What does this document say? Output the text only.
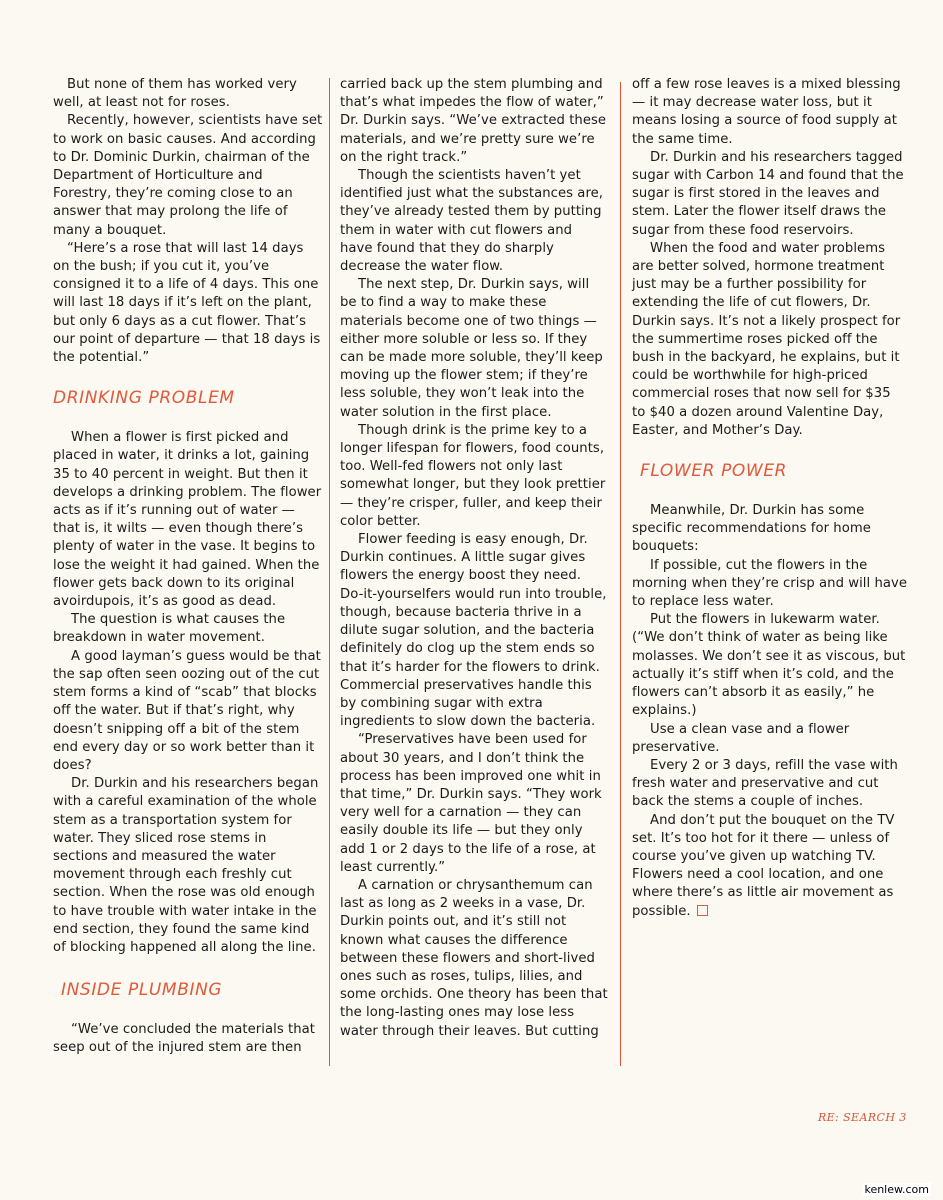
But none of them has worked very well, at least not for roses.

Recently, however, scientists have set to work on basic causes. And according to Dr. Dominic Durkin, chairman of the Department of Horticulture and Forestry, they’re coming close to an answer that may prolong the life of many a bouquet.

“Here’s a rose that will last 14 days on the bush; if you cut it, you’ve consigned it to a life of 4 days. This one will last 18 days if it’s left on the plant, but only 6 days as a cut flower. That’s our point of departure — that 18 days is the potential.”

DRINKING PROBLEM

When a flower is first picked and placed in water, it drinks a lot, gaining 35 to 40 percent in weight. But then it develops a drinking problem. The flower acts as if it’s running out of water — that is, it wilts — even though there’s plenty of water in the vase. It begins to lose the weight it had gained. When the flower gets back down to its original avoirdupois, it’s as good as dead.

The question is what causes the breakdown in water movement.

A good layman’s guess would be that the sap often seen oozing out of the cut stem forms a kind of “scab” that blocks off the water. But if that’s right, why doesn’t snipping off a bit of the stem end every day or so work better than it does?

Dr. Durkin and his researchers began with a careful examination of the whole stem as a transportation system for water. They sliced rose stems in sections and measured the water movement through each freshly cut section. When the rose was old enough to have trouble with water intake in the end section, they found the same kind of blocking happened all along the line.

INSIDE PLUMBING

“We’ve concluded the materials that seep out of the injured stem are then

carried back up the stem plumbing and that’s what impedes the flow of water,” Dr. Durkin says. “We’ve extracted these materials, and we’re pretty sure we’re on the right track.”

Though the scientists haven’t yet identified just what the substances are, they’ve already tested them by putting them in water with cut flowers and have found that they do sharply decrease the water flow.

The next step, Dr. Durkin says, will be to find a way to make these materials become one of two things — either more soluble or less so. If they can be made more soluble, they’ll keep moving up the flower stem; if they’re less soluble, they won’t leak into the water solution in the first place.

Though drink is the prime key to a longer lifespan for flowers, food counts, too. Well-fed flowers not only last somewhat longer, but they look prettier — they’re crisper, fuller, and keep their color better.

Flower feeding is easy enough, Dr. Durkin continues. A little sugar gives flowers the energy boost they need. Do-it-yourselfers would run into trouble, though, because bacteria thrive in a dilute sugar solution, and the bacteria definitely do clog up the stem ends so that it’s harder for the flowers to drink. Commercial preservatives handle this by combining sugar with extra ingredients to slow down the bacteria.

“Preservatives have been used for about 30 years, and I don’t think the process has been improved one whit in that time,” Dr. Durkin says. “They work very well for a carnation — they can easily double its life — but they only add 1 or 2 days to the life of a rose, at least currently.”

A carnation or chrysanthemum can last as long as 2 weeks in a vase, Dr. Durkin points out, and it’s still not known what causes the difference between these flowers and short-lived ones such as roses, tulips, lilies, and some orchids. One theory has been that the long-lasting ones may lose less water through their leaves. But cutting

off a few rose leaves is a mixed blessing — it may decrease water loss, but it means losing a source of food supply at the same time.

Dr. Durkin and his researchers tagged sugar with Carbon 14 and found that the sugar is first stored in the leaves and stem. Later the flower itself draws the sugar from these food reservoirs.

When the food and water problems are better solved, hormone treatment just may be a further possibility for extending the life of cut flowers, Dr. Durkin says. It’s not a likely prospect for the summertime roses picked off the bush in the backyard, he explains, but it could be worthwhile for high-priced commercial roses that now sell for $35 to $40 a dozen around Valentine Day, Easter, and Mother’s Day.

FLOWER POWER

Meanwhile, Dr. Durkin has some specific recommendations for home bouquets:

If possible, cut the flowers in the morning when they’re crisp and will have to replace less water.

Put the flowers in lukewarm water. (“We don’t think of water as being like molasses. We don’t see it as viscous, but actually it’s stiff when it’s cold, and the flowers can’t absorb it as easily,” he explains.)

Use a clean vase and a flower preservative.

Every 2 or 3 days, refill the vase with fresh water and preservative and cut back the stems a couple of inches.

And don’t put the bouquet on the TV set. It’s too hot for it there — unless of course you’ve given up watching TV. Flowers need a cool location, and one where there’s as little air movement as possible.

RE: SEARCH 3
kenlew.com
